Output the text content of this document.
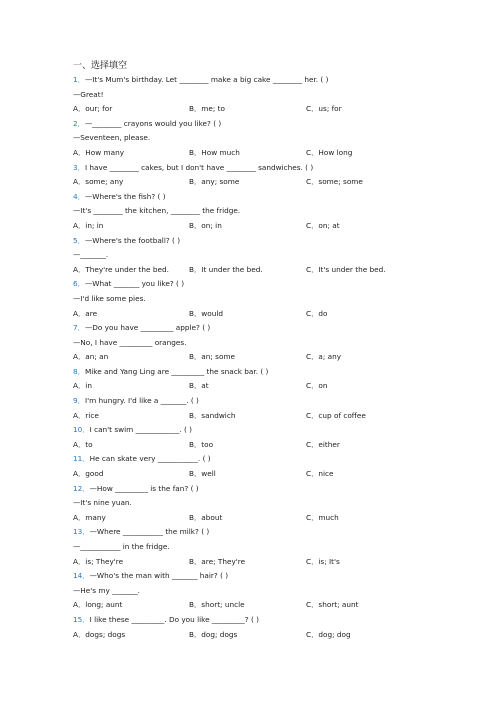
一、选择填空
1．—It's Mum's birthday. Let ________ make a big cake ________ her. ( )
—Great!
A．our; for	B．me; to	C．us; for
2．—________ crayons would you like? ( )
—Seventeen, please.
A．How many	B．How much	C．How long
3．I have ________ cakes, but I don't have ________ sandwiches. ( )
A．some; any	B．any; some	C．some; some
4．—Where's the fish? ( )
—It's ________ the kitchen, ________ the fridge.
A．in; in	B．on; in	C．on; at
5．—Where's the football? ( )
—_______.
A．They're under the bed.	B．It under the bed.	C．It's under the bed.
6．—What _______ you like? ( )
—I'd like some pies.
A．are	B．would	C．do
7．—Do you have _________ apple? ( )
—No, I have _________ oranges.
A．an; an	B．an; some	C．a; any
8．Mike and Yang Ling are _________ the snack bar. ( )
A．in	B．at	C．on
9．I'm hungry. I'd like a _______. ( )
A．rice	B．sandwich	C．cup of coffee
10．I can't swim ____________. ( )
A．to	B．too	C．either
11．He can skate very ___________. ( )
A．good	B．well	C．nice
12．—How _________ is the fan? ( )
—It's nine yuan.
A．many	B．about	C．much
13．—Where ___________ the milk? ( )
—___________ in the fridge.
A．is; They're	B．are; They're	C．is; It's
14．—Who's the man with _______ hair? ( )
—He's my _______.
A．long; aunt	B．short; uncle	C．short; aunt
15．I like these _________. Do you like _________? ( )
A．dogs; dogs	B．dog; dogs	C．dog; dog
